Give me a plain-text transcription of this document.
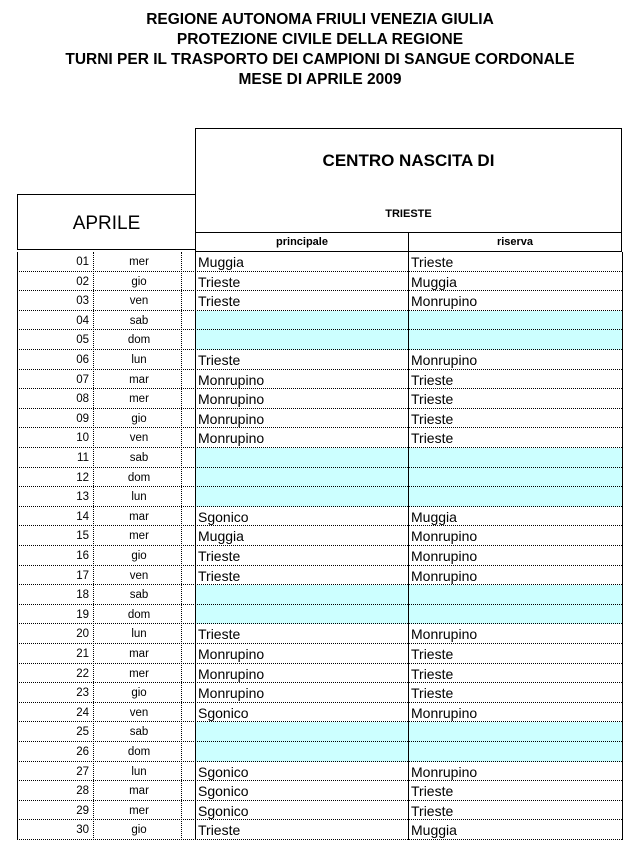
REGIONE AUTONOMA FRIULI VENEZIA GIULIA
PROTEZIONE CIVILE DELLA REGIONE
TURNI PER IL TRASPORTO DEI CAMPIONI DI SANGUE CORDONALE
MESE DI APRILE 2009
CENTRO NASCITA DI
TRIESTE
APRILE
principale	riserva
01	mer	Muggia	Trieste
02	gio	Trieste	Muggia
03	ven	Trieste	Monrupino
04	sab
05	dom
06	lun	Trieste	Monrupino
07	mar	Monrupino	Trieste
08	mer	Monrupino	Trieste
09	gio	Monrupino	Trieste
10	ven	Monrupino	Trieste
11	sab
12	dom
13	lun
14	mar	Sgonico	Muggia
15	mer	Muggia	Monrupino
16	gio	Trieste	Monrupino
17	ven	Trieste	Monrupino
18	sab
19	dom
20	lun	Trieste	Monrupino
21	mar	Monrupino	Trieste
22	mer	Monrupino	Trieste
23	gio	Monrupino	Trieste
24	ven	Sgonico	Monrupino
25	sab
26	dom
27	lun	Sgonico	Monrupino
28	mar	Sgonico	Trieste
29	mer	Sgonico	Trieste
30	gio	Trieste	Muggia
